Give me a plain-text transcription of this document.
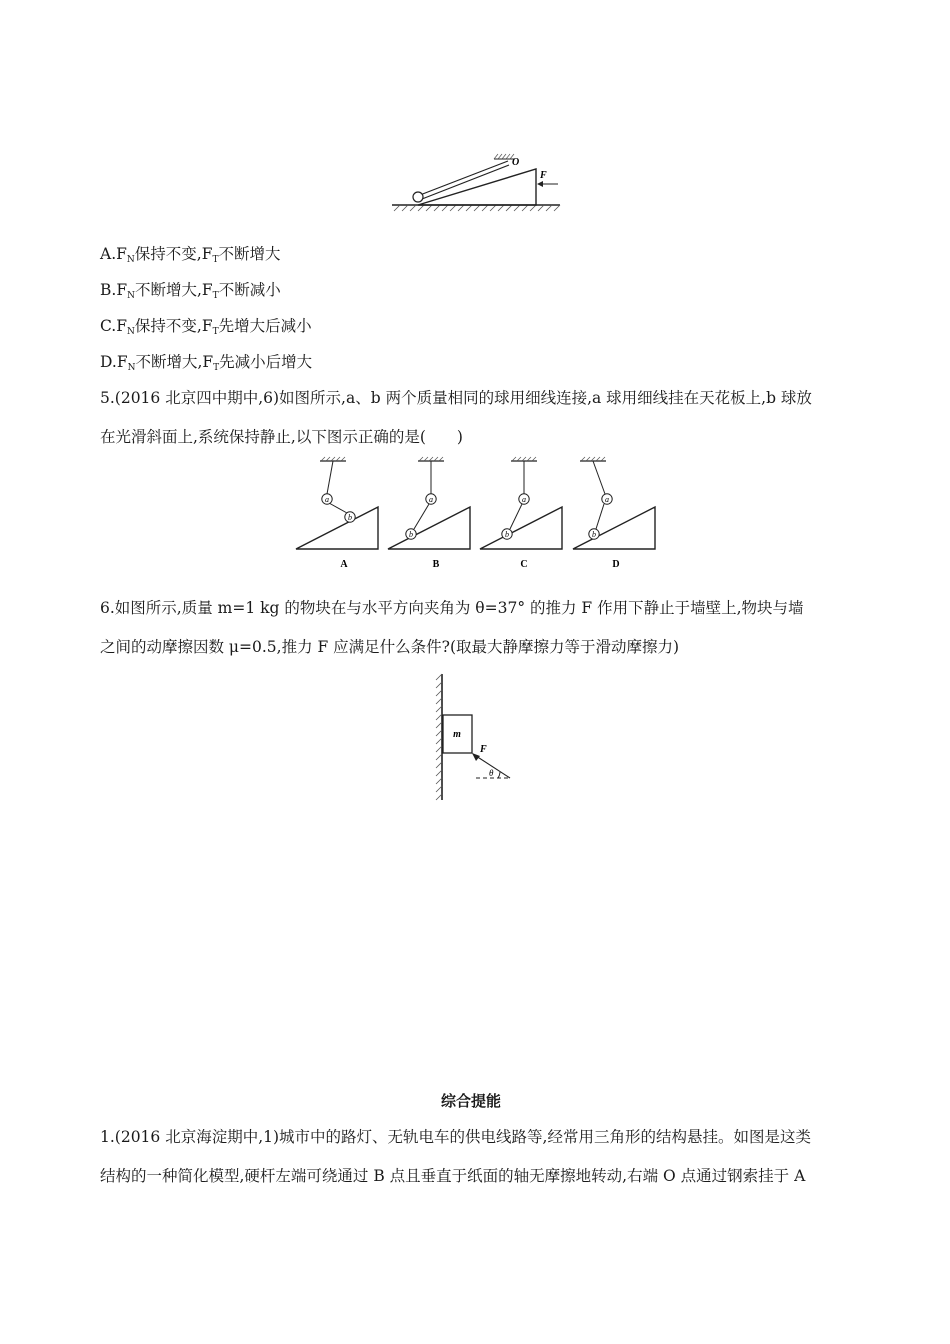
O
F
$A.F_N$保持不变$,F_T$不断增大
$B.F_N$不断增大$,F_T$不断减小
$C.F_N$保持不变$,F_T$先增大后减小
$D.F_N$不断增大$,F_T$先减小后增大
5.(2016 北京四中期中,6)如图所示,a、b 两个质量相同的球用细线连接,a 球用细线挂在天花板上,b 球放
在光滑斜面上,系统保持静止,以下图示正确的是(　　)
a
b
A
a
b
B
a
b
C
a
b
D
6.如图所示,质量 m=1 kg 的物块在与水平方向夹角为 θ=37° 的推力 F 作用下静止于墙壁上,物块与墙
之间的动摩擦因数 μ=0.5,推力 F 应满足什么条件?(取最大静摩擦力等于滑动摩擦力)
m
F
θ
综合提能
1.(2016 北京海淀期中,1)城市中的路灯、无轨电车的供电线路等,经常用三角形的结构悬挂。如图是这类
结构的一种简化模型,硬杆左端可绕通过 B 点且垂直于纸面的轴无摩擦地转动,右端 O 点通过钢索挂于 A
